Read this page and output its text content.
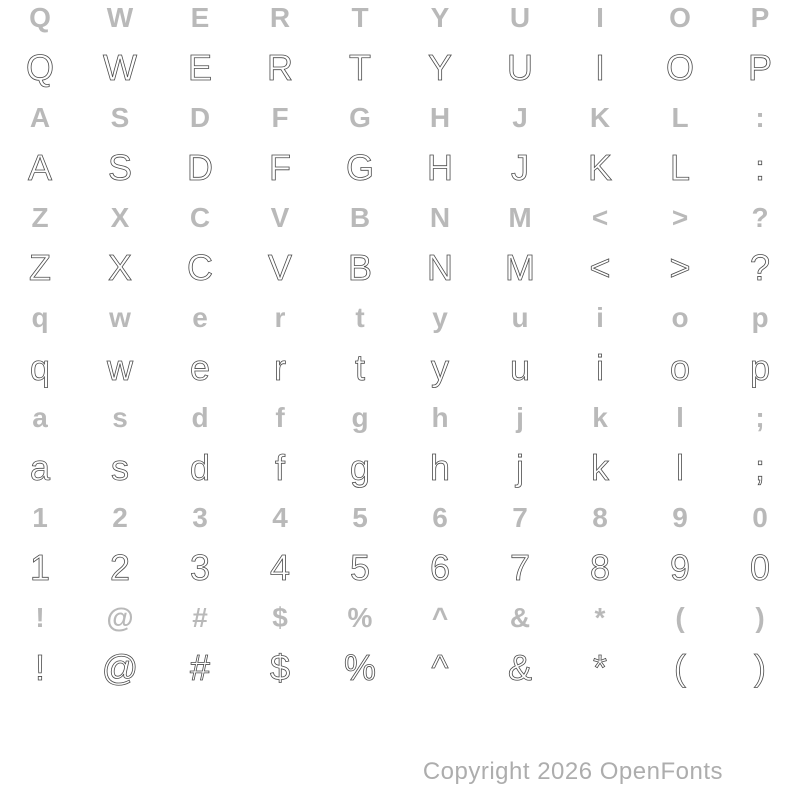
Q W E R T Y U I O P
Q W E R T Y U I O P
A S D F G H J K L :
A S D F G H J K L :
Z X C V B N M < > ?
Z X C V B N M < > ?
q w e r t y u i o p
q w e r t y u i o p
a s d f g h j k l	;
a s d f g h j k l ;
1 2 3 4 5 6 7 8 9 0
1 2 3 4 5 6 7 8 9 0
! @ # $ % ^ & * (	)
! @ # $ % ^ & * ( )
Copyright 2026 OpenFonts
